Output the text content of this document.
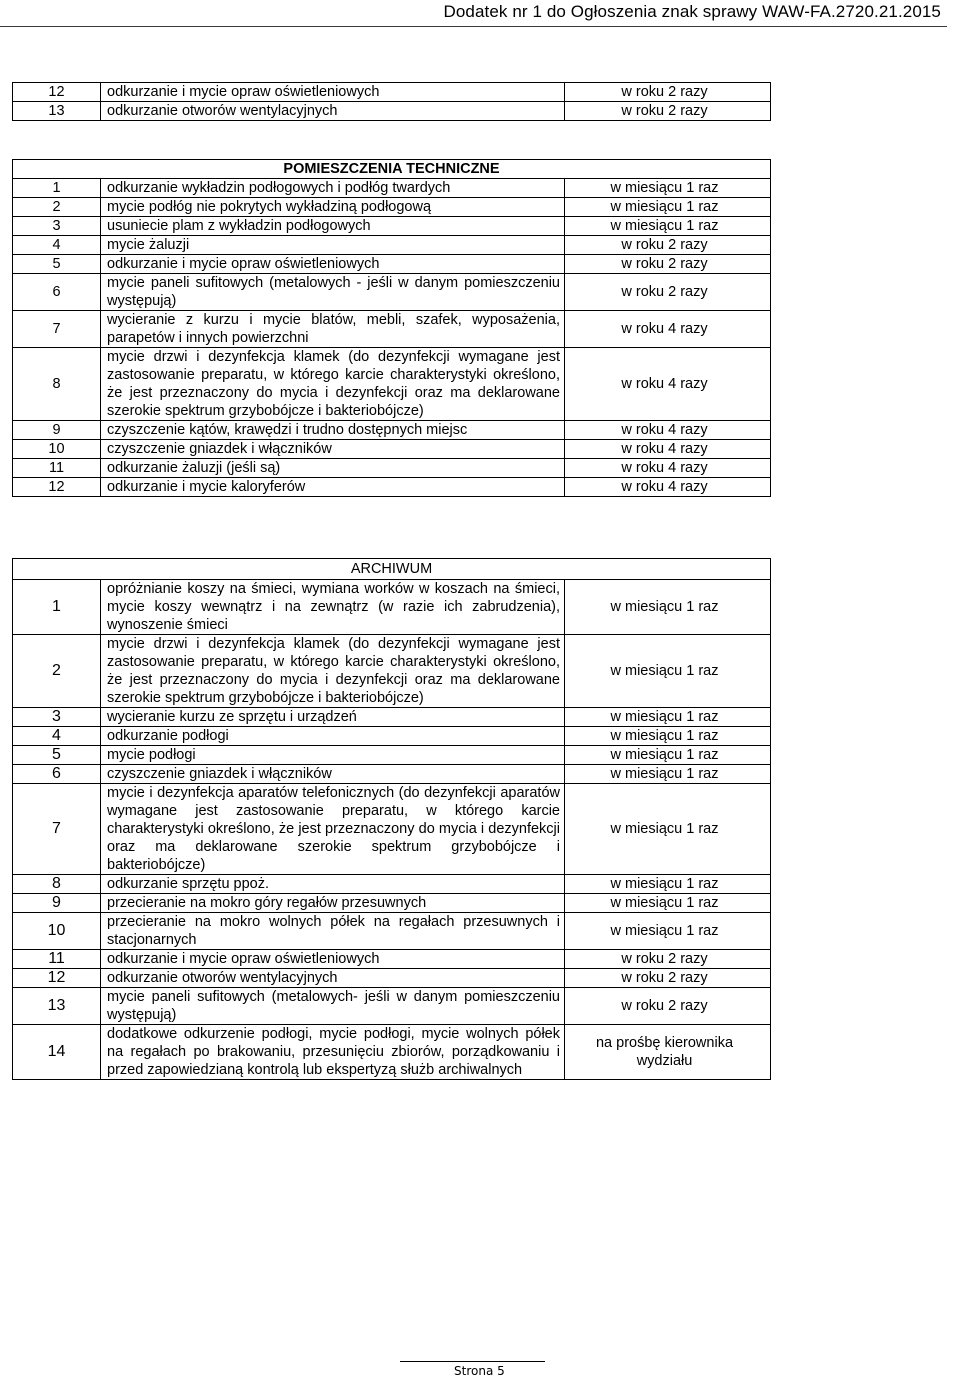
Dodatek nr 1 do Ogłoszenia znak sprawy WAW-FA.2720.21.2015
12	odkurzanie i mycie opraw oświetleniowych	w roku 2 razy
13	odkurzanie otworów wentylacyjnych	w roku 2 razy
POMIESZCZENIA TECHNICZNE		
1	odkurzanie wykładzin podłogowych i podłóg twardych	w miesiącu 1 raz
2	mycie podłóg nie pokrytych wykładziną podłogową	w miesiącu 1 raz
3	usuniecie plam z wykładzin podłogowych	w miesiącu 1 raz
4	mycie żaluzji	w roku 2 razy
5	odkurzanie i mycie opraw oświetleniowych	w roku 2 razy
6	mycie paneli sufitowych (metalowych - jeśli w danym pomieszczeniu występują)	w roku 2 razy
7	wycieranie z kurzu i mycie blatów, mebli, szafek, wyposażenia, parapetów i innych powierzchni	w roku 4 razy
8	mycie drzwi i dezynfekcja klamek (do dezynfekcji wymagane jest zastosowanie preparatu, w którego karcie charakterystyki określono, że jest przeznaczony do mycia i dezynfekcji oraz ma deklarowane szerokie spektrum grzybobójcze i bakteriobójcze)	w roku 4 razy
9	czyszczenie kątów, krawędzi i trudno dostępnych miejsc	w roku 4 razy
10	czyszczenie gniazdek i włączników	w roku 4 razy
11	odkurzanie żaluzji (jeśli są)	w roku 4 razy
12	odkurzanie i mycie kaloryferów	w roku 4 razy
ARCHIWUM		
1	opróżnianie koszy na śmieci, wymiana worków w koszach na śmieci, mycie koszy wewnątrz i na zewnątrz (w razie ich zabrudzenia), wynoszenie śmieci	w miesiącu 1 raz
2	mycie drzwi i dezynfekcja klamek (do dezynfekcji wymagane jest zastosowanie preparatu, w którego karcie charakterystyki określono, że jest przeznaczony do mycia i dezynfekcji oraz ma deklarowane szerokie spektrum grzybobójcze i bakteriobójcze)	w miesiącu 1 raz
3	wycieranie kurzu ze sprzętu i urządzeń	w miesiącu 1 raz
4	odkurzanie podłogi	w miesiącu 1 raz
5	mycie podłogi	w miesiącu 1 raz
6	czyszczenie gniazdek i włączników	w miesiącu 1 raz
7	mycie i dezynfekcja aparatów telefonicznych (do dezynfekcji aparatów wymagane jest zastosowanie preparatu, w którego karcie charakterystyki określono, że jest przeznaczony do mycia i dezynfekcji oraz ma deklarowane szerokie spektrum grzybobójcze i bakteriobójcze)	w miesiącu 1 raz
8	odkurzanie sprzętu ppoż.	w miesiącu 1 raz
9	przecieranie na mokro góry regałów przesuwnych	w miesiącu 1 raz
10	przecieranie na mokro wolnych półek na regałach przesuwnych i stacjonarnych	w miesiącu 1 raz
11	odkurzanie i mycie opraw oświetleniowych	w roku 2 razy
12	odkurzanie otworów wentylacyjnych	w roku 2 razy
13	mycie paneli sufitowych (metalowych- jeśli w danym pomieszczeniu występują)	w roku 2 razy
14	dodatkowe odkurzenie podłogi, mycie podłogi, mycie wolnych półek na regałach po brakowaniu, przesunięciu zbiorów, porządkowaniu i przed zapowiedzianą kontrolą lub ekspertyzą służb archiwalnych	na prośbę kierownika wydziału
Strona 5
